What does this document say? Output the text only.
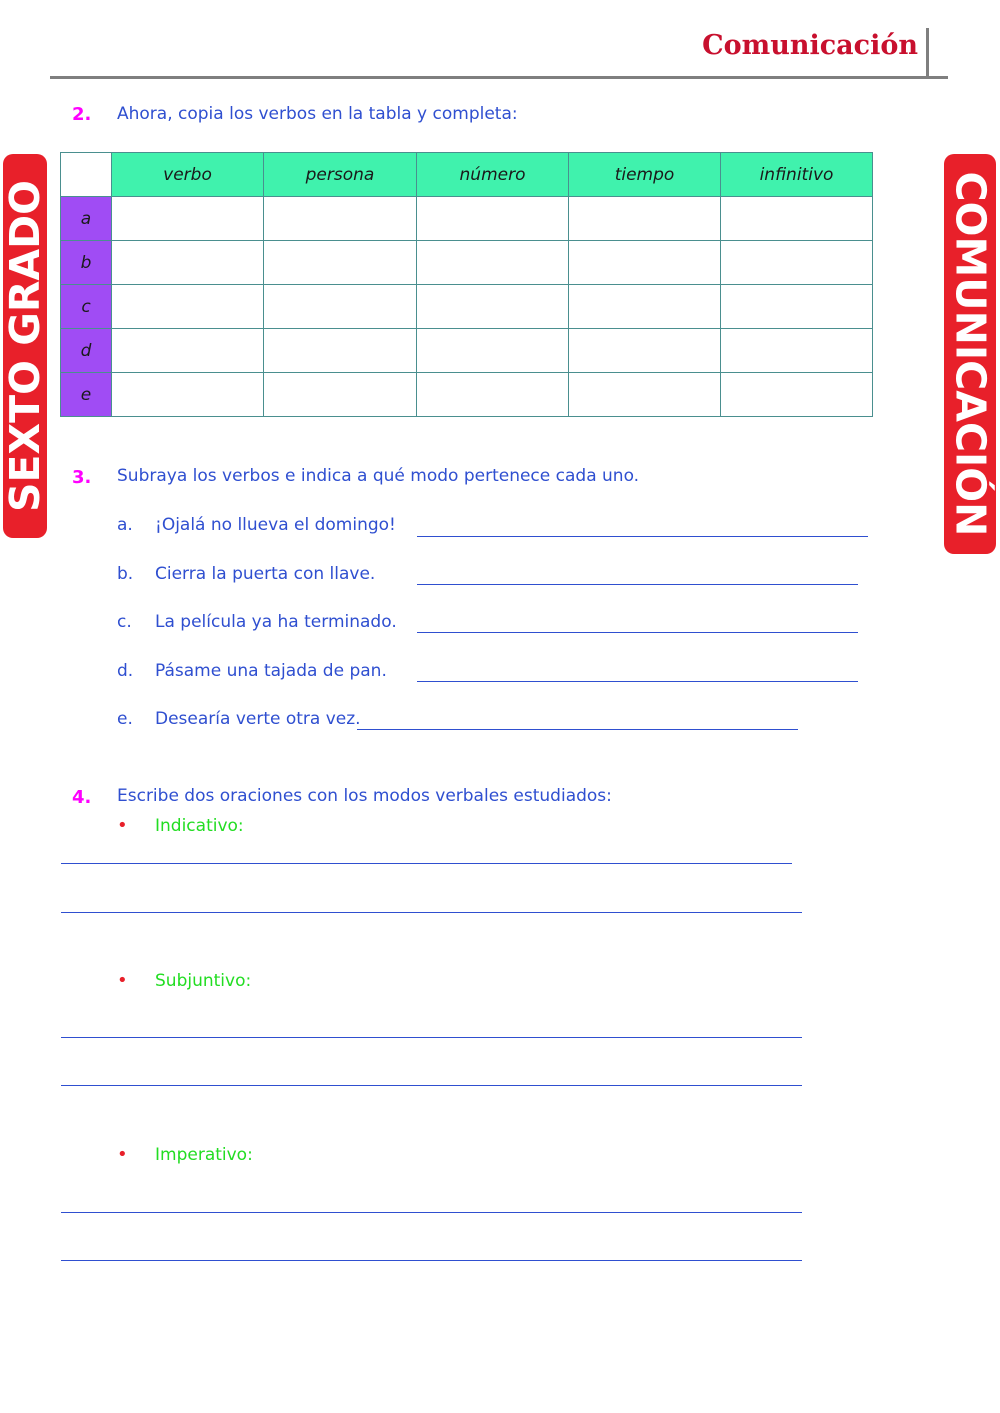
Comunicación
SEXTO GRADO	COMUNICACIÓN
2. Ahora, copia los verbos en la tabla y completa:
	verbo	persona	número	tiempo	infinitivo
a					
b					
c					
d					
e					
3. Subraya los verbos e indica a qué modo pertenece cada uno.
a. ¡Ojalá no llueva el domingo!
b. Cierra la puerta con llave.
c. La película ya ha terminado.
d. Pásame una tajada de pan.
e. Desearía verte otra vez.
4. Escribe dos oraciones con los modos verbales estudiados:
• Indicativo:
• Subjuntivo:
• Imperativo:
